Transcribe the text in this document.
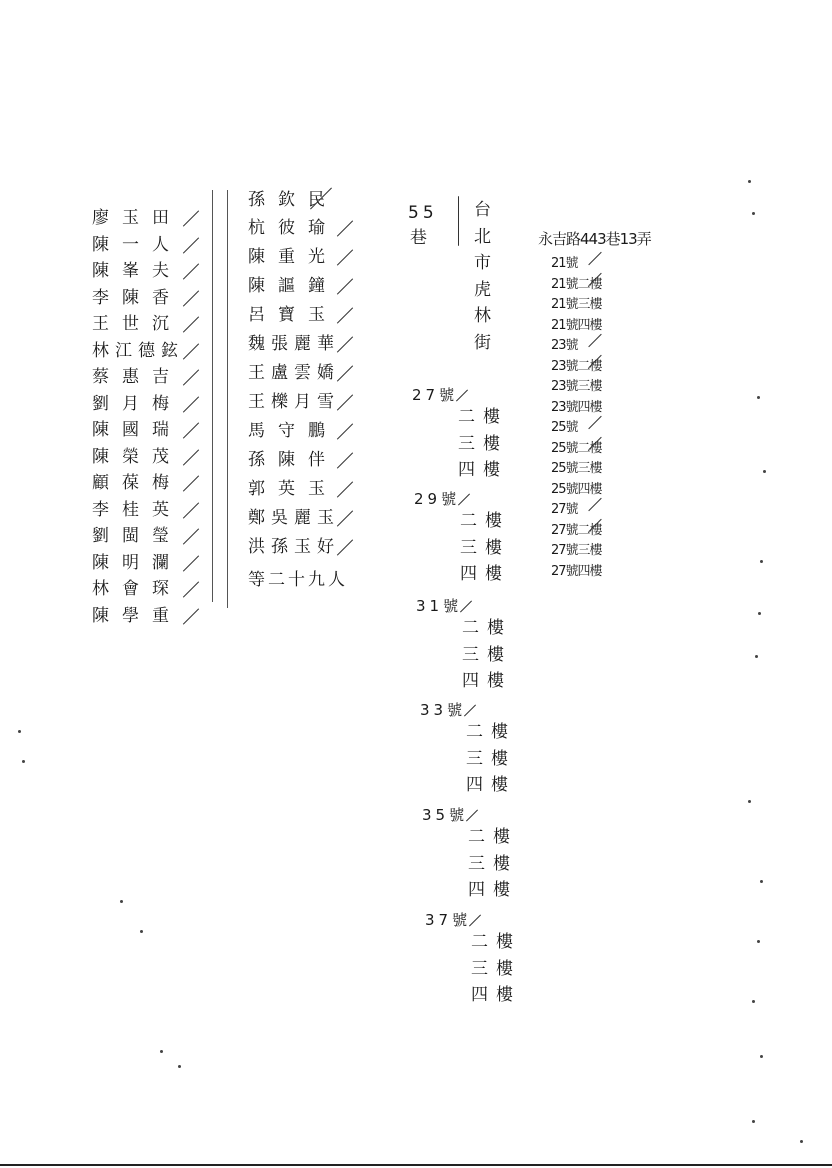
廖玉田
陳一人
陳峯夫
李陳香
王世沉
林江德鉉
蔡惠吉
劉月梅
陳國瑞
陳榮茂
顧葆梅
李桂英
劉閩瑩
陳明瀾
林會琛
陳學重
孫欽民
等二十九人
杭彼瑜
陳重光
陳謳鐘
呂寶玉
魏張麗華
王盧雲嬌
王櫟月雪
馬守鵬
孫陳伴
郭英玉
鄭吳麗玉
洪孫玉好
55
巷
台
北
市
虎
林
街
27號
二樓
三樓
四樓
29號
二樓
三樓
四樓
31號
二樓
三樓
四樓
33號
二樓
三樓
四樓
35號
二樓
三樓
四樓
37號
二樓
三樓
四樓
永吉路443巷13弄
21號
21號二樓
21號三樓
21號四樓
23號
23號二樓
23號三樓
23號四樓
25號
25號二樓
25號三樓
25號四樓
27號
27號二樓
27號三樓
27號四樓
